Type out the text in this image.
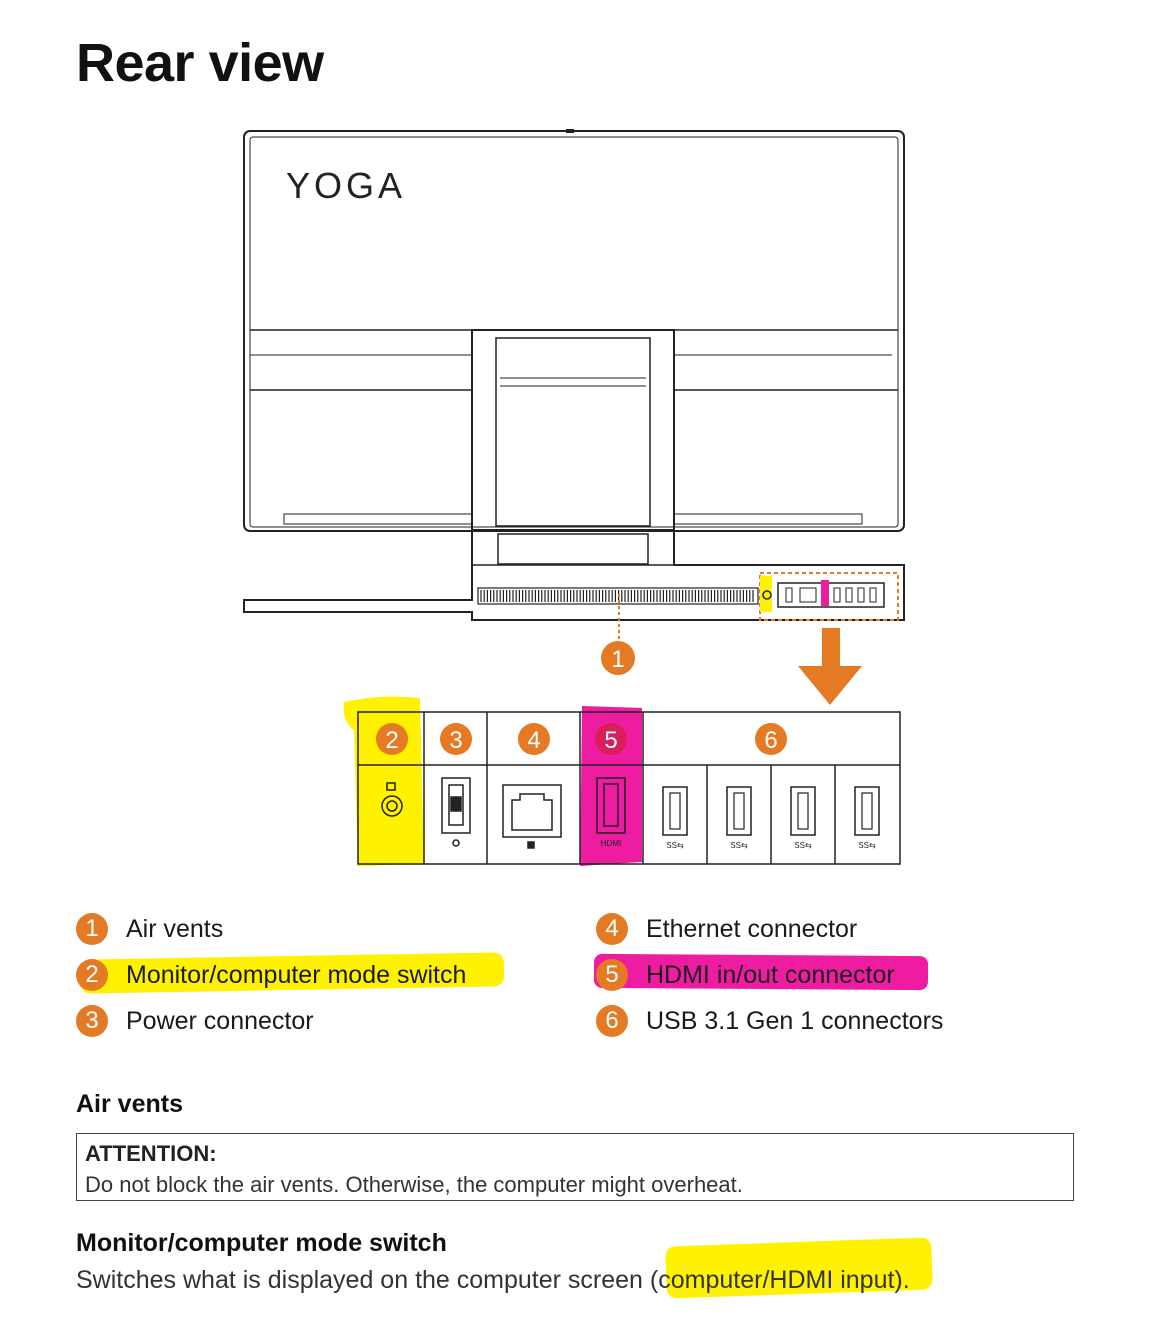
Rear view
YOGA
1
2 3	4	5	6
HDMI	SS⇆	SS⇆	SS⇆	SS⇆
1	Air vents
2	Monitor/computer mode switch
3	Power connector
4	Ethernet connector
5	HDMI in/out connector
6	USB 3.1 Gen 1 connectors
Air vents
ATTENTION:
Do not block the air vents. Otherwise, the computer might overheat.
Monitor/computer mode switch
Switches what is displayed on the computer screen (computer/HDMI input).
